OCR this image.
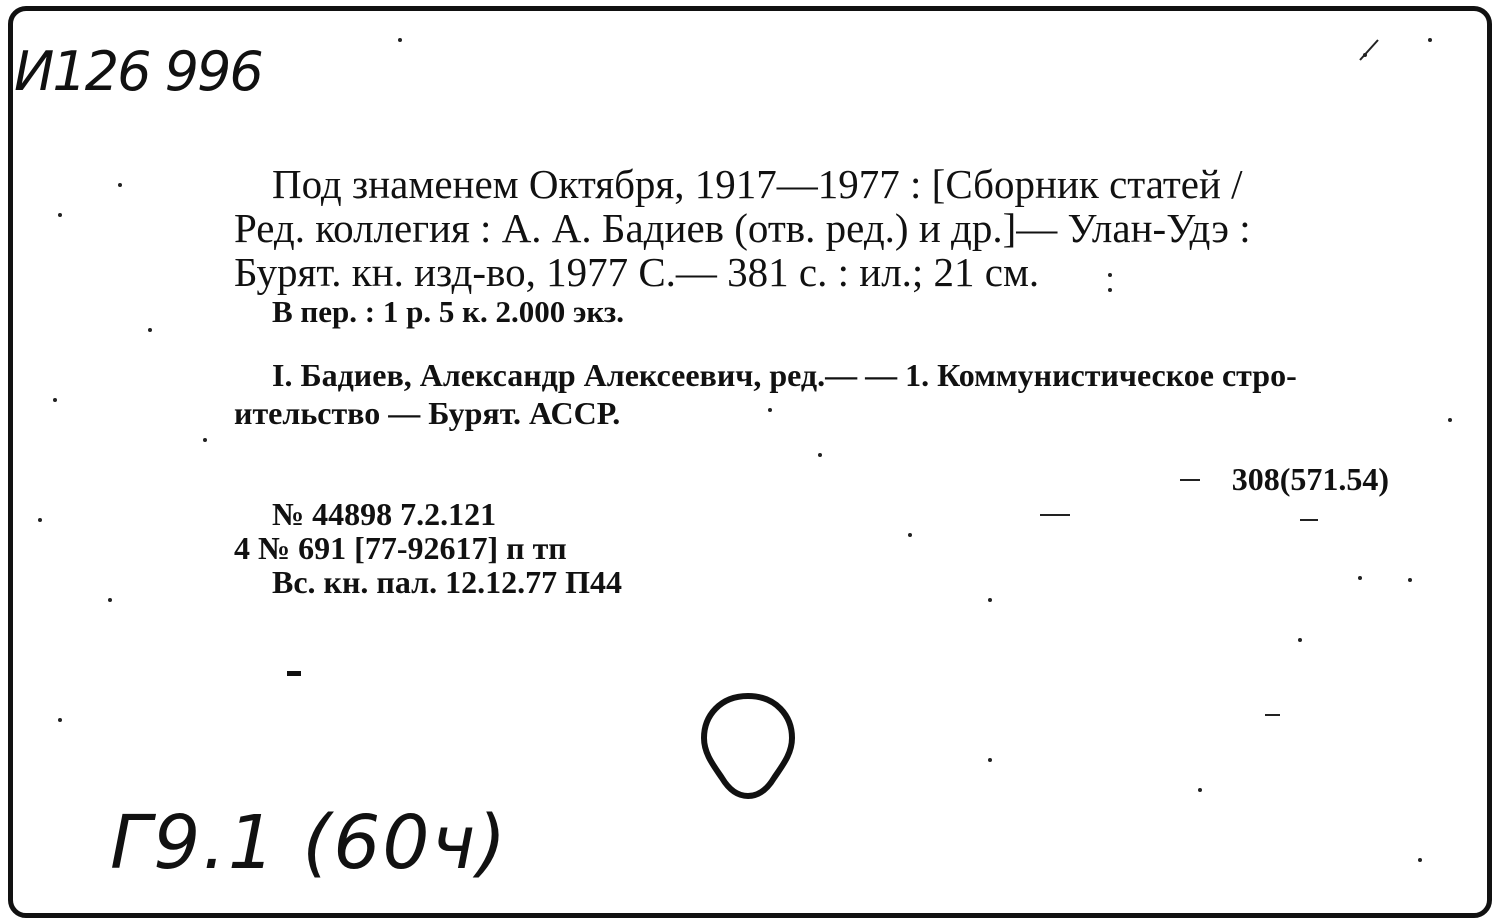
И126 996
Под знаменем Октября, 1917—1977 : [Сборник статей /
Ред. коллегия : А. А. Бадиев (отв. ред.) и др.]— Улан-Удэ :
Бурят. кн. изд-во, 1977 С.— 381 с. : ил.; 21 см.
В пер. : 1 р. 5 к. 2.000 экз.
I. Бадиев, Александр Алексеевич, ред.— — 1. Коммунистическое стро-
ительство — Бурят. АССР.
308(571.54)
№ 44898 7.2.121
4 № 691 [77-92617] п тп
Вс. кн. пал. 12.12.77 П44
Г9.1 (60ч)
